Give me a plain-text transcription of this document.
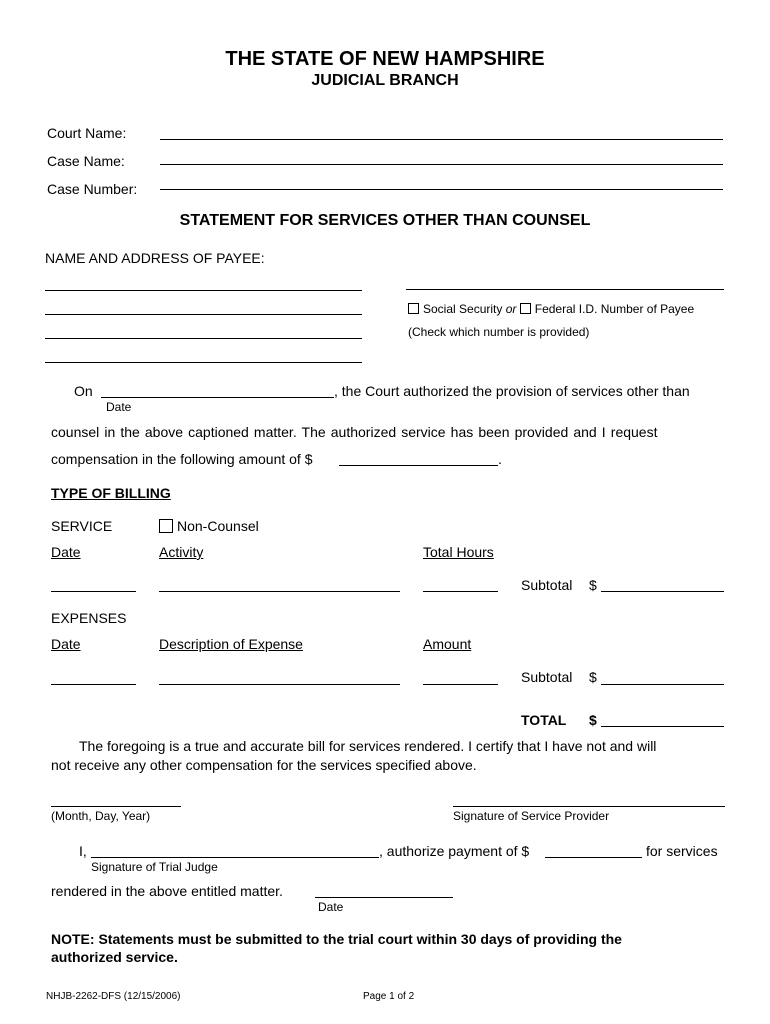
THE STATE OF NEW HAMPSHIRE
JUDICIAL BRANCH
Court Name:
Case Name:
Case Number:
STATEMENT FOR SERVICES OTHER THAN COUNSEL
NAME AND ADDRESS OF PAYEE:
Social Security or Federal I.D. Number of Payee
(Check which number is provided)
On	, the Court authorized the provision of services other than
Date
counsel in the above captioned matter. The authorized service has been provided and I request
compensation in the following amount of $	.
TYPE OF BILLING
SERVICE	Non-Counsel
Date	Activity	Total Hours
Subtotal $
EXPENSES
Date	Description of Expense	Amount
Subtotal $
TOTAL $
The foregoing is a true and accurate bill for services rendered. I certify that I have not and will
not receive any other compensation for the services specified above.
(Month, Day, Year)	Signature of Service Provider
I,	, authorize payment of $	for services
Signature of Trial Judge
rendered in the above entitled matter.
Date
NOTE: Statements must be submitted to the trial court within 30 days of providing the
authorized service.
NHJB-2262-DFS (12/15/2006)	Page 1 of 2
